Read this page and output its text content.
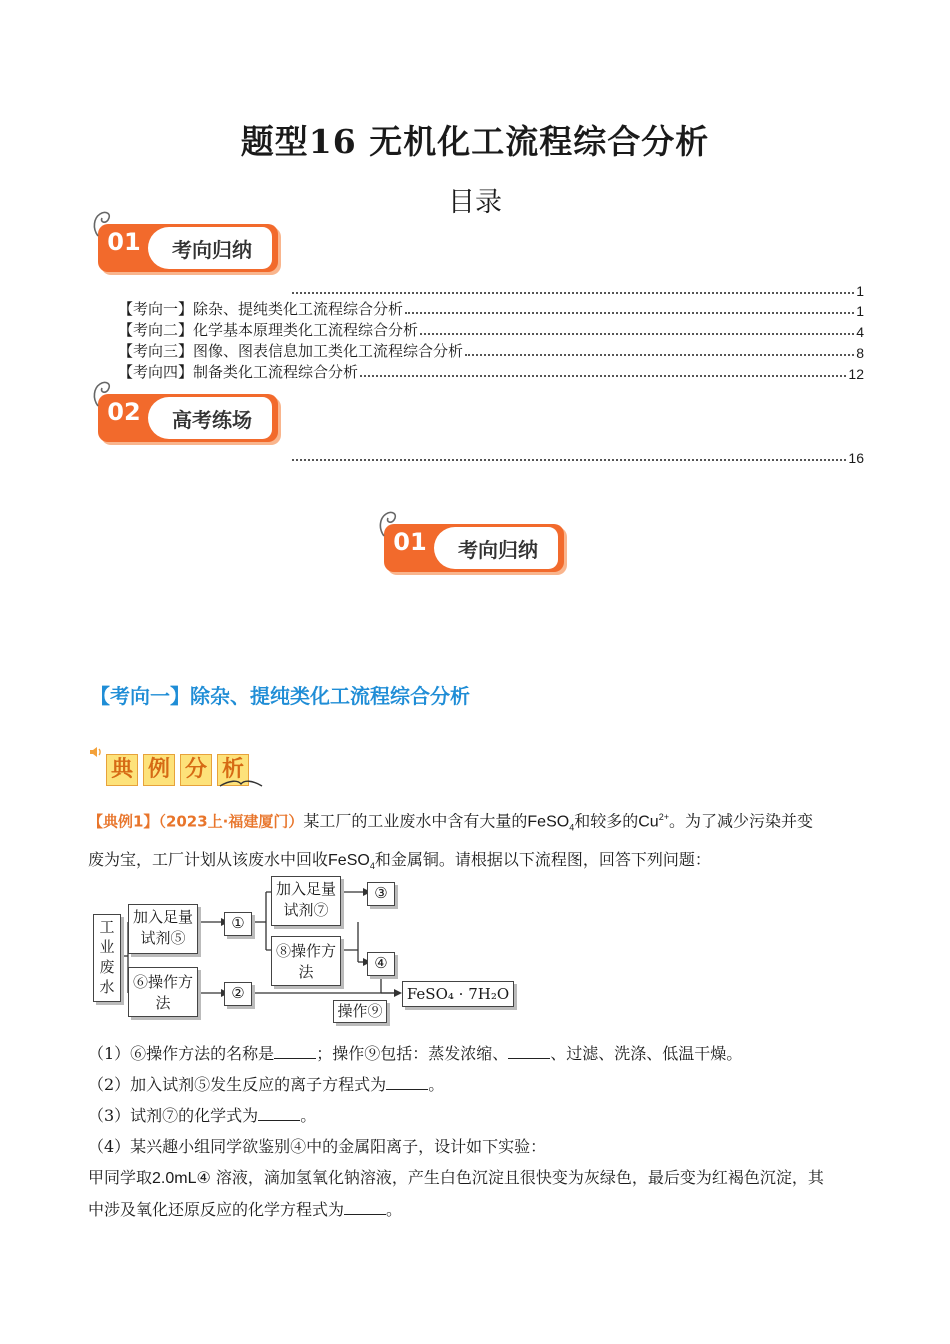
题型16 无机化工流程综合分析
目录
01	考向归纳
1
【考向一】除杂、提纯类化工流程综合分析	1
【考向二】化学基本原理类化工流程综合分析	4
【考向三】图像、图表信息加工类化工流程综合分析	8
【考向四】制备类化工流程综合分析	12
02	高考练场
16
01	考向归纳
【考向一】除杂、提纯类化工流程综合分析
典 例 分 析
【典例1】（2023上·福建厦门）某工厂的工业废水中含有大量的FeSO$_4$和较多的$Cu^{2+}$。为了减少污染并变
废为宝，工厂计划从该废水中回收FeSO$_4$和金属铜。请根据以下流程图，回答下列问题：
工业废水
加入足量试剂⑤
⑥操作方法
①
②
加入足量试剂⑦
⑧操作方法
③
④
操作⑨
FeSO₄ · 7H₂O
（1）⑥操作方法的名称是	；操作⑨包括：蒸发浓缩、	、过滤、洗涤、低温干燥。
（2）加入试剂⑤发生反应的离子方程式为	。
（3）试剂⑦的化学式为	。
（4）某兴趣小组同学欲鉴别④中的金属阳离子，设计如下实验：
甲同学取2.0mL④ 溶液，滴加氢氧化钠溶液，产生白色沉淀且很快变为灰绿色，最后变为红褐色沉淀，其
中涉及氧化还原反应的化学方程式为	。
